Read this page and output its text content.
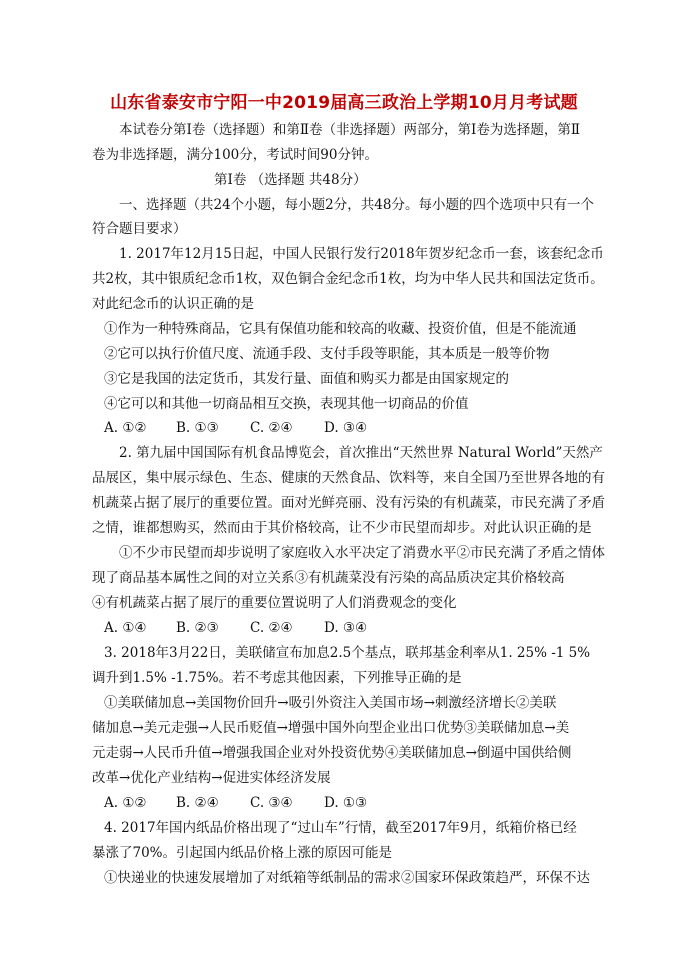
山东省泰安市宁阳一中2019届高三政治上学期10月月考试题
本试卷分第Ⅰ卷（选择题）和第Ⅱ卷（非选择题）两部分，第Ⅰ卷为选择题，第Ⅱ
卷为非选择题，满分100分，考试时间90分钟。
第Ⅰ卷 （选择题 共48分）
一、选择题（共24个小题，每小题2分，共48分。每小题的四个选项中只有一个
符合题目要求）
1. 2017年12月15日起，中国人民银行发行2018年贺岁纪念币一套，该套纪念币
共2枚，其中银质纪念币1枚，双色铜合金纪念币1枚，均为中华人民共和国法定货币。
对此纪念币的认识正确的是
①作为一种特殊商品，它具有保值功能和较高的收藏、投资价值，但是不能流通
②它可以执行价值尺度、流通手段、支付手段等职能，其本质是一般等价物
③它是我国的法定货币，其发行量、面值和购买力都是由国家规定的
④它可以和其他一切商品相互交换，表现其他一切商品的价值
A. ①② B. ①③ C. ②④ D. ③④
2. 第九届中国国际有机食品博览会，首次推出“天然世界 Natural World”天然产
品展区，集中展示绿色、生态、健康的天然食品、饮料等，来自全国乃至世界各地的有
机蔬菜占据了展厅的重要位置。面对光鲜亮丽、没有污染的有机蔬菜，市民充满了矛盾
之情，谁都想购买，然而由于其价格较高，让不少市民望而却步。对此认识正确的是
①不少市民望而却步说明了家庭收入水平决定了消费水平②市民充满了矛盾之情体
现了商品基本属性之间的对立关系③有机蔬菜没有污染的高品质决定其价格较高
④有机蔬菜占据了展厅的重要位置说明了人们消费观念的变化
A. ①④ B. ②③ C. ②④ D. ③④
3. 2018年3月22日，美联储宣布加息2.5个基点，联邦基金利率从1. 25% -1 5%
调升到1.5% -1.75%。若不考虑其他因素，下列推导正确的是
①美联储加息→美国物价回升→吸引外资注入美国市场→刺激经济增长②美联
储加息→美元走强→人民币贬值→增强中国外向型企业出口优势③美联储加息→美
元走弱→人民币升值→增强我国企业对外投资优势④美联储加息→倒逼中国供给侧
改革→优化产业结构→促进实体经济发展
A. ①② B. ②④ C. ③④ D. ①③
4. 2017年国内纸品价格出现了“过山车”行情，截至2017年9月，纸箱价格已经
暴涨了70%。引起国内纸品价格上涨的原因可能是
①快递业的快速发展增加了对纸箱等纸制品的需求②国家环保政策趋严，环保不达
